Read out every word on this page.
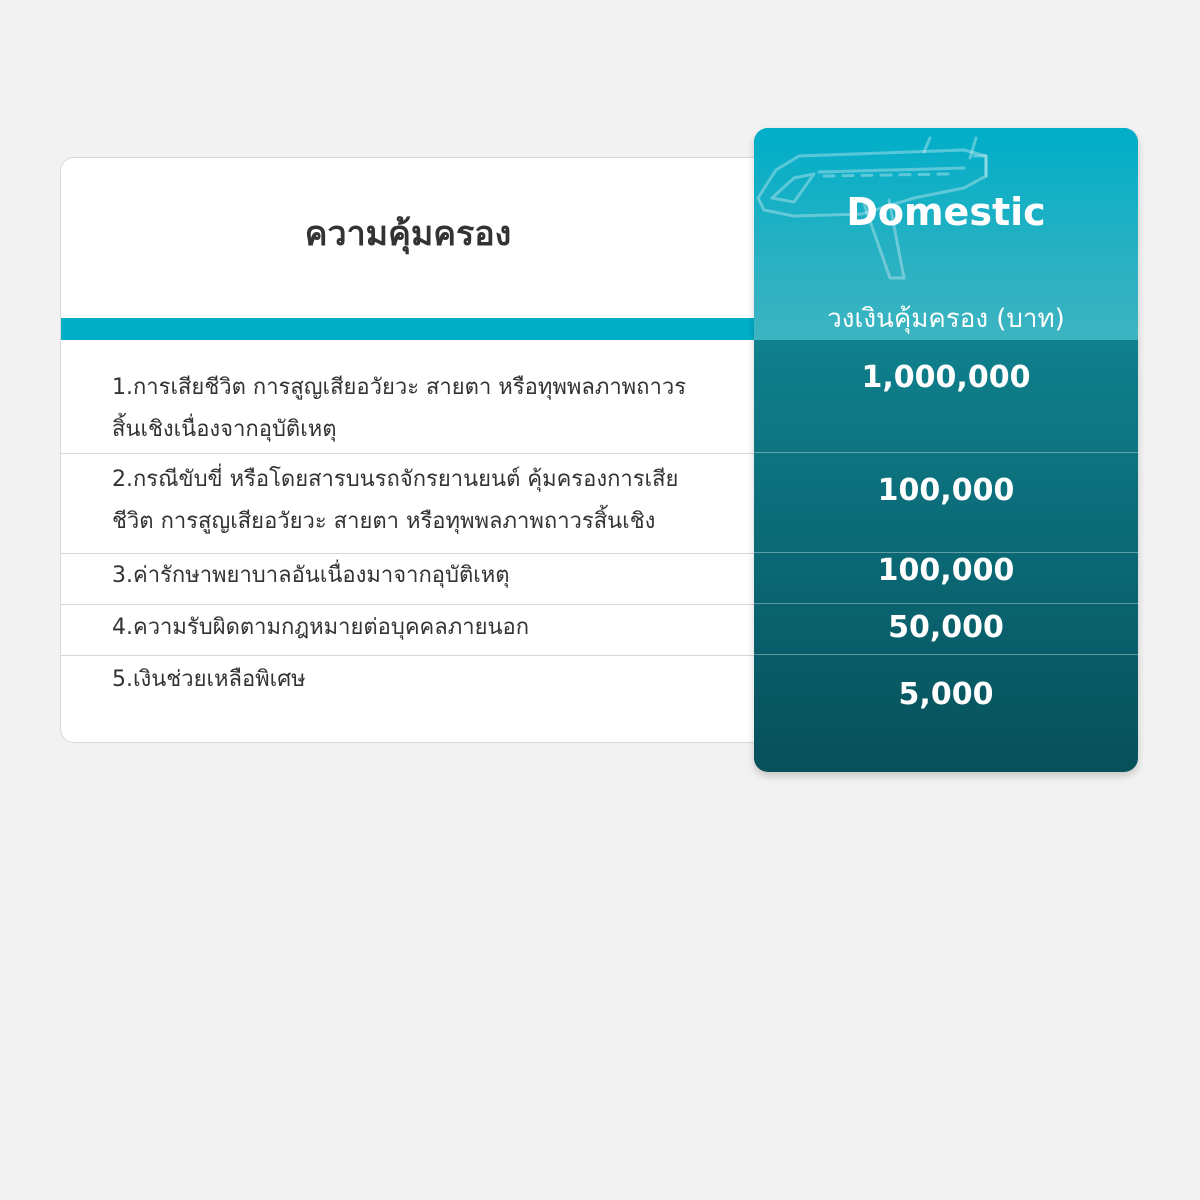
ความคุ้มครอง
1.การเสียชีวิต การสูญเสียอวัยวะ สายตา หรือทุพพลภาพถาวร
สิ้นเชิงเนื่องจากอุบัติเหตุ
2.กรณีขับขี่ หรือโดยสารบนรถจักรยานยนต์ คุ้มครองการเสีย
ชีวิต การสูญเสียอวัยวะ สายตา หรือทุพพลภาพถาวรสิ้นเชิง
3.ค่ารักษาพยาบาลอันเนื่องมาจากอุบัติเหตุ
4.ความรับผิดตามกฎหมายต่อบุคคลภายนอก
5.เงินช่วยเหลือพิเศษ
Domestic
วงเงินคุ้มครอง (บาท)
1,000,000
100,000
100,000
50,000
5,000
